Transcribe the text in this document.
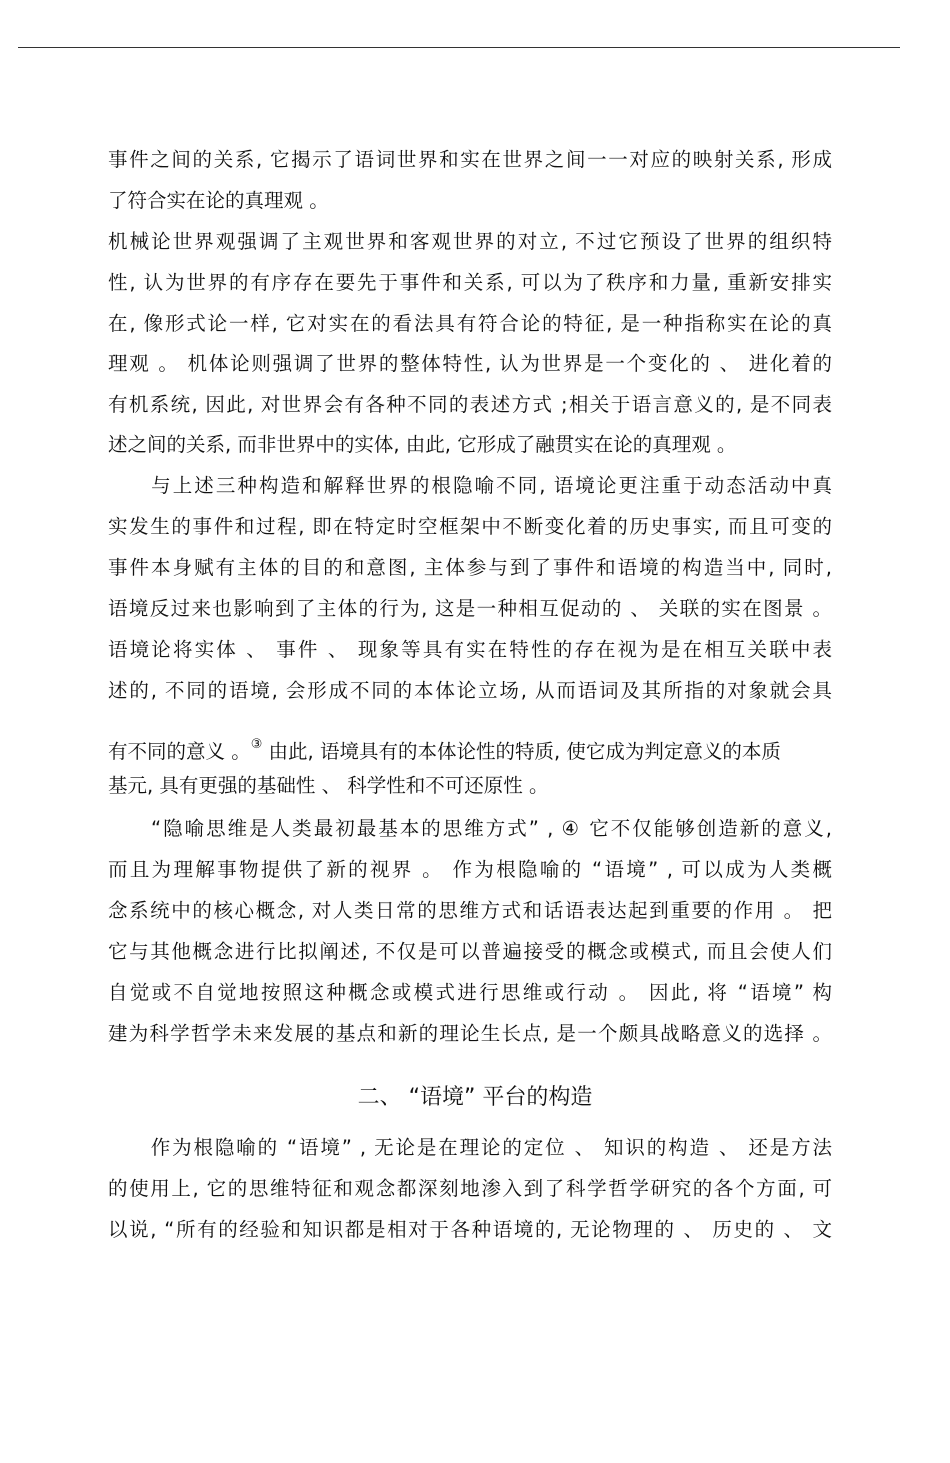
事件之间的关系, 它揭示了语词世界和实在世界之间一一对应的映射关系, 形成
了符合实在论的真理观 。
机械论世界观强调了主观世界和客观世界的对立, 不过它预设了世界的组织特
性, 认为世界的有序存在要先于事件和关系, 可以为了秩序和力量, 重新安排实
在, 像形式论一样, 它对实在的看法具有符合论的特征, 是一种指称实在论的真
理观 。 机体论则强调了世界的整体特性, 认为世界是一个变化的 、 进化着的
有机系统, 因此, 对世界会有各种不同的表述方式 ;相关于语言意义的, 是不同表
述之间的关系, 而非世界中的实体, 由此, 它形成了融贯实在论的真理观 。
　　与上述三种构造和解释世界的根隐喻不同, 语境论更注重于动态活动中真
实发生的事件和过程, 即在特定时空框架中不断变化着的历史事实, 而且可变的
事件本身赋有主体的目的和意图, 主体参与到了事件和语境的构造当中, 同时,
语境反过来也影响到了主体的行为, 这是一种相互促动的 、 关联的实在图景 。
语境论将实体 、 事件 、 现象等具有实在特性的存在视为是在相互关联中表
述的, 不同的语境, 会形成不同的本体论立场, 从而语词及其所指的对象就会具
有不同的意义 。③ 由此, 语境具有的本体论性的特质, 使它成为判定意义的本质
基元, 具有更强的基础性 、 科学性和不可还原性 。
　　“隐喻思维是人类最初最基本的思维方式” , ④ 它不仅能够创造新的意义,
而且为理解事物提供了新的视界 。 作为根隐喻的 “语境” , 可以成为人类概
念系统中的核心概念, 对人类日常的思维方式和话语表达起到重要的作用 。 把
它与其他概念进行比拟阐述, 不仅是可以普遍接受的概念或模式, 而且会使人们
自觉或不自觉地按照这种概念或模式进行思维或行动 。 因此, 将 “语境” 构
建为科学哲学未来发展的基点和新的理论生长点, 是一个颇具战略意义的选择 。
二、 “语境” 平台的构造
　　作为根隐喻的 “语境” , 无论是在理论的定位 、 知识的构造 、 还是方法
的使用上, 它的思维特征和观念都深刻地渗入到了科学哲学研究的各个方面, 可
以说, “所有的经验和知识都是相对于各种语境的, 无论物理的 、 历史的 、 文
